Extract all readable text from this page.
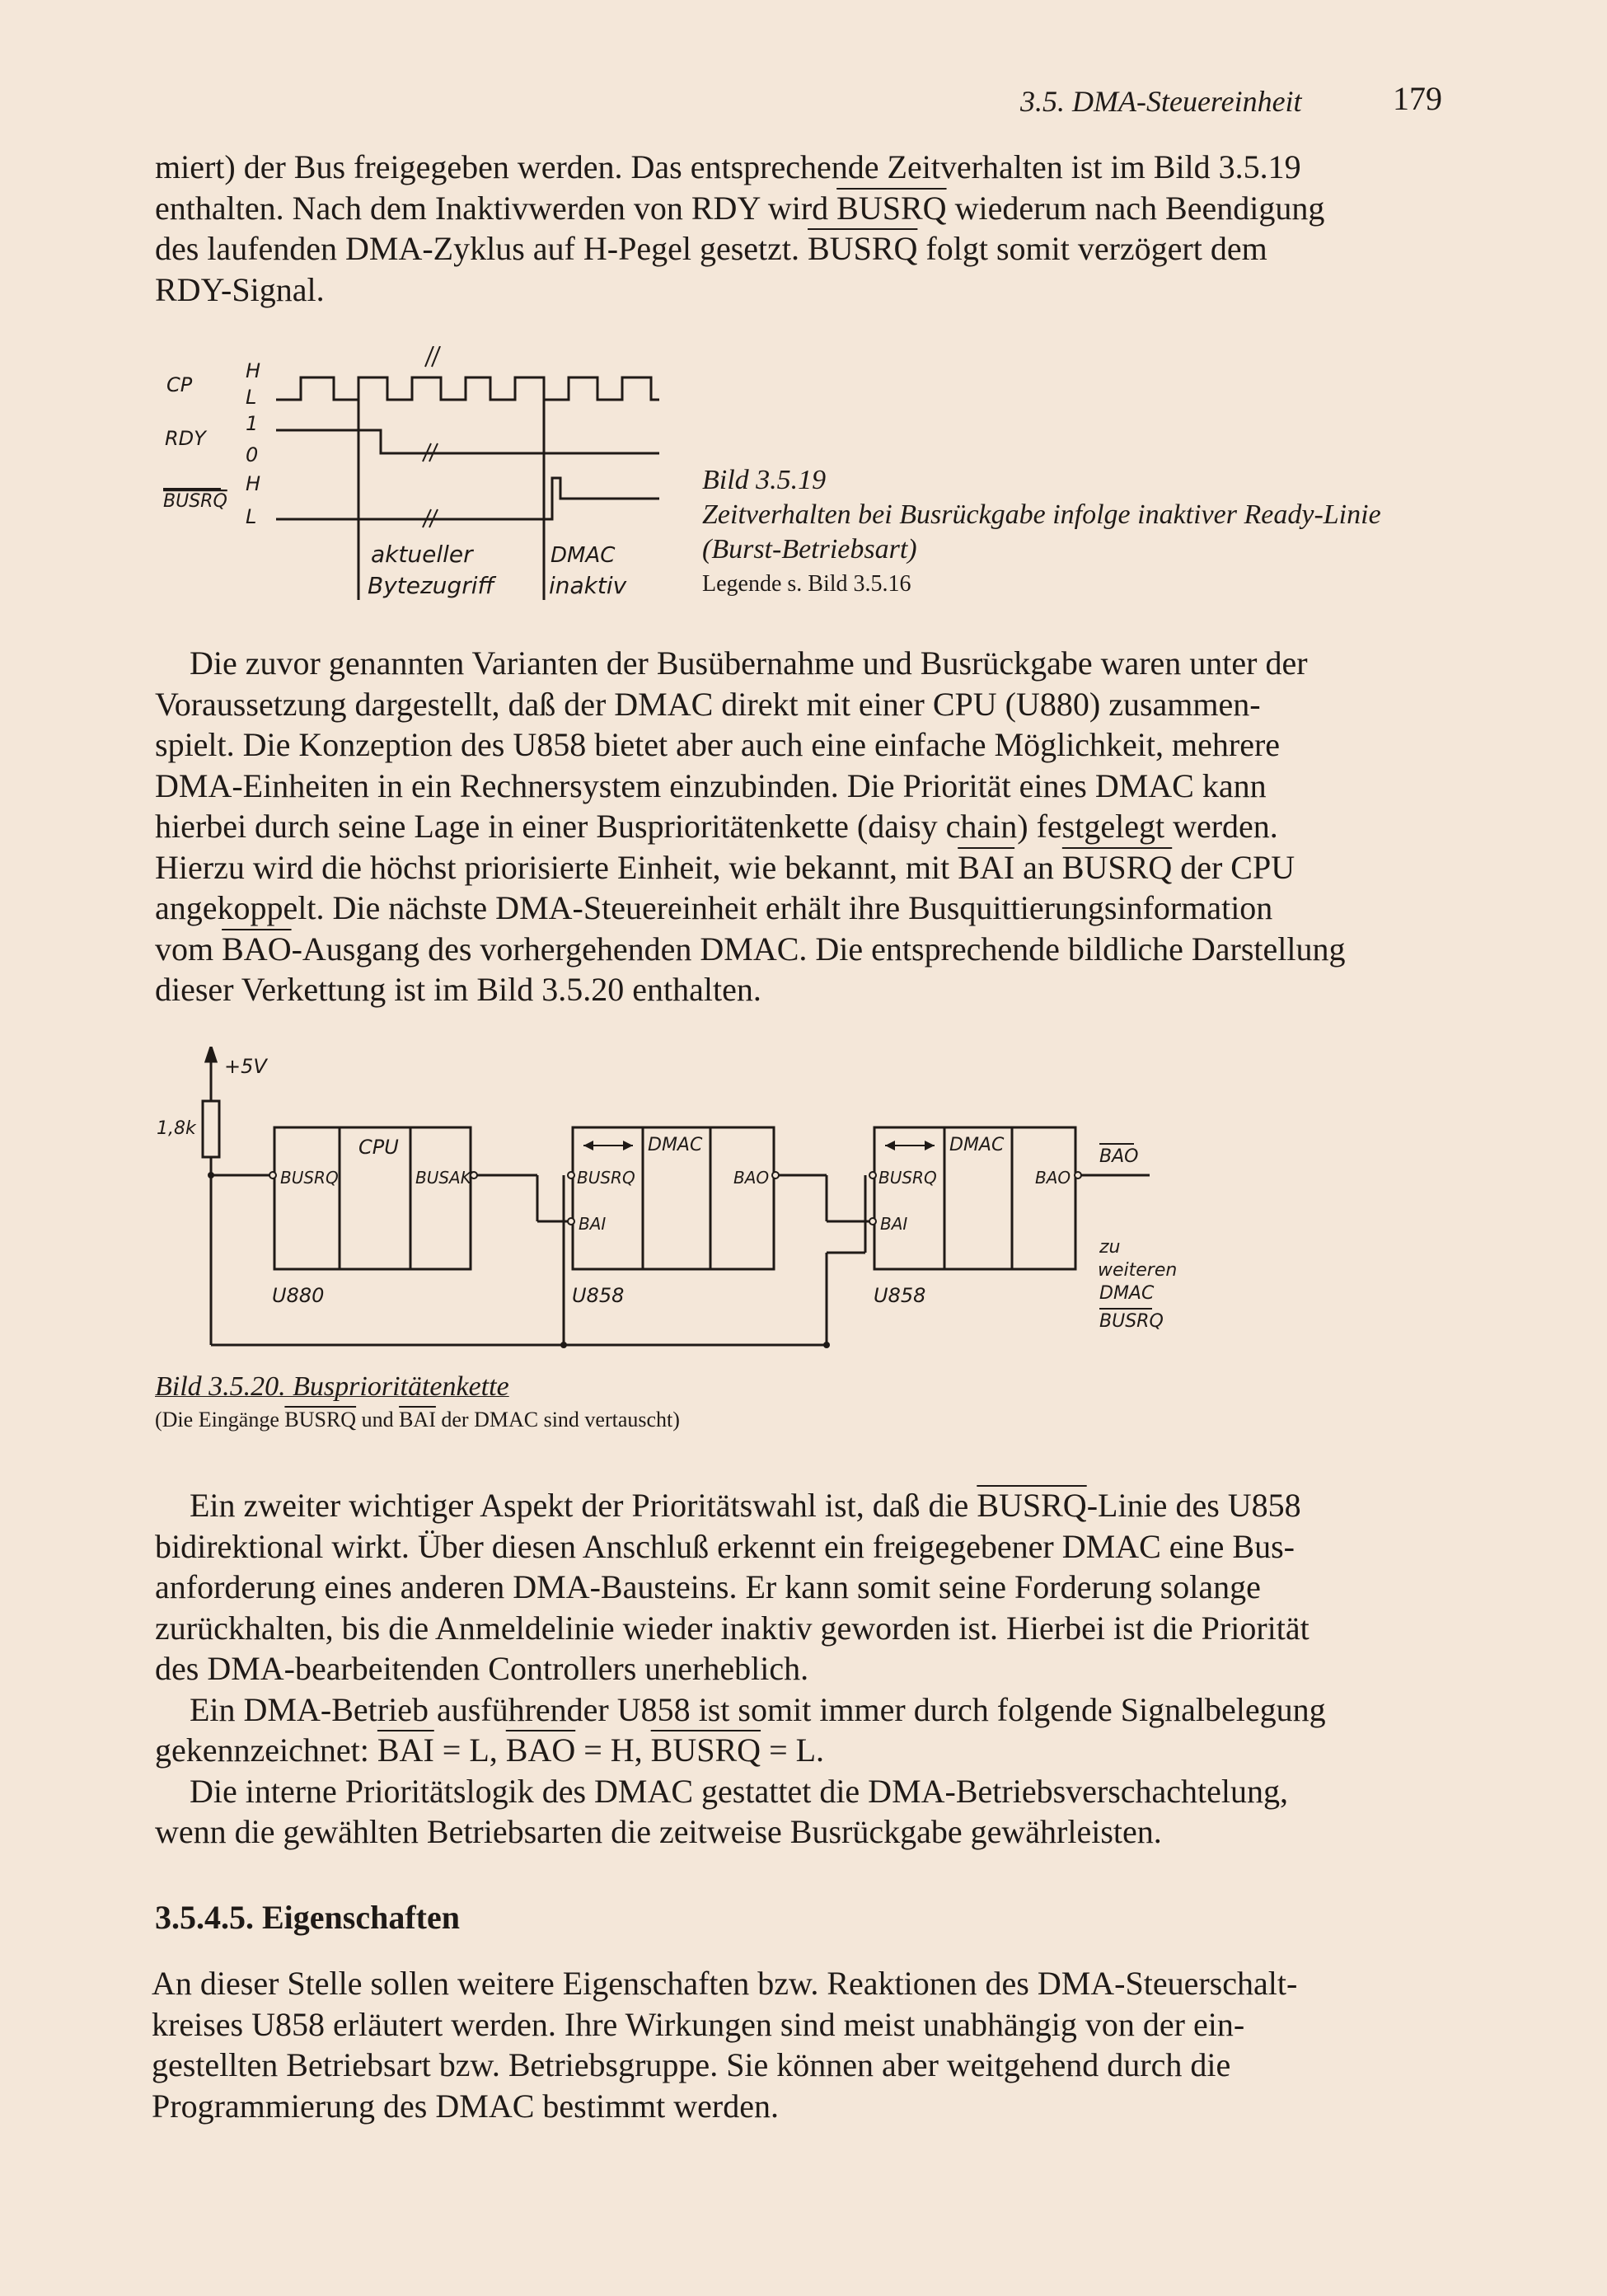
3.5. DMA-Steuereinheit	179

miert) der Bus freigegeben werden. Das entsprechende Zeitverhalten ist im Bild 3.5.19

enthalten. Nach dem Inaktivwerden von RDY wird BUSRQ wiederum nach Beendigung

des laufenden DMA-Zyklus auf H-Pegel gesetzt. BUSRQ folgt somit verzögert dem

RDY-Signal.

CP
RDY
BUSRQ
H
L
1
0
H
L
aktueller
Bytezugriff
DMAC
inaktiv
Bild 3.5.19
Zeitverhalten bei Busrückgabe infolge inaktiver Ready-Linie
(Burst-Betriebsart)
Legende s. Bild 3.5.16

Die zuvor genannten Varianten der Busübernahme und Busrückgabe waren unter der

Voraussetzung dargestellt, daß der DMAC direkt mit einer CPU (U880) zusammen-

spielt. Die Konzeption des U858 bietet aber auch eine einfache Möglichkeit, mehrere

DMA-Einheiten in ein Rechnersystem einzubinden. Die Priorität eines DMAC kann

hierbei durch seine Lage in einer Busprioritätenkette (daisy chain) festgelegt werden.

Hierzu wird die höchst priorisierte Einheit, wie bekannt, mit $\overline{BAI}$ an BUSRQ der CPU

angekoppelt. Die nächste DMA-Steuereinheit erhält ihre Busquittierungsinformation

vom $\overline{BAO}$-Ausgang des vorhergehenden DMAC. Die entsprechende bildliche Darstellung

dieser Verkettung ist im Bild 3.5.20 enthalten.

+5V
1,8k
CPU
BUSRQ	BUSAK
U880
DMAC
BUSRQ
BAI
BAO
U858
DMAC
BUSRQ
BAI
BAO
U858
BAO
zu
weiteren
DMAC
BUSRQ
Bild 3.5.20. Busprioritätenkette
(Die Eingänge BUSRQ und $\overline{BAI}$ der DMAC sind vertauscht)

Ein zweiter wichtiger Aspekt der Prioritätswahl ist, daß die BUSRQ-Linie des U858

bidirektional wirkt. Über diesen Anschluß erkennt ein freigegebener DMAC eine Bus-

anforderung eines anderen DMA-Bausteins. Er kann somit seine Forderung solange

zurückhalten, bis die Anmeldelinie wieder inaktiv geworden ist. Hierbei ist die Priorität

des DMA-bearbeitenden Controllers unerheblich.

Ein DMA-Betrieb ausführender U858 ist somit immer durch folgende Signalbelegung

gekennzeichnet: $\overline{BAI} = L$, $\overline{BAO} = H$, BUSRQ = L.

Die interne Prioritätslogik des DMAC gestattet die DMA-Betriebsverschachtelung,

wenn die gewählten Betriebsarten die zeitweise Busrückgabe gewährleisten.

3.5.4.5. Eigenschaften

An dieser Stelle sollen weitere Eigenschaften bzw. Reaktionen des DMA-Steuerschalt-

kreises U858 erläutert werden. Ihre Wirkungen sind meist unabhängig von der ein-

gestellten Betriebsart bzw. Betriebsgruppe. Sie können aber weitgehend durch die

Programmierung des DMAC bestimmt werden.
